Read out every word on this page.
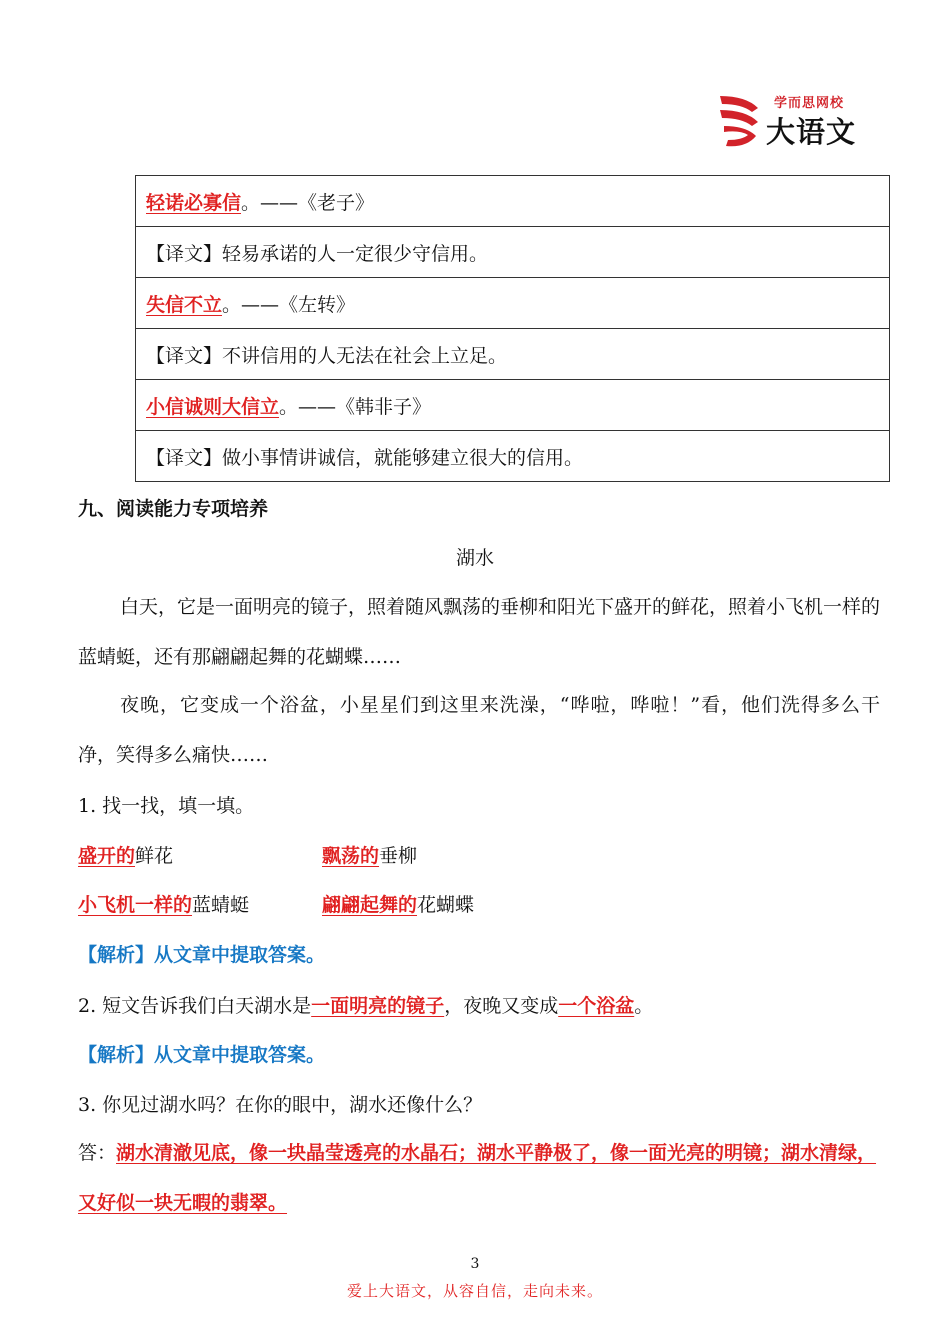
学而思网校
大语文
轻诺必寡信。——《老子》
【译文】轻易承诺的人一定很少守信用。
失信不立。——《左转》
【译文】不讲信用的人无法在社会上立足。
小信诚则大信立。——《韩非子》
【译文】做小事情讲诚信，就能够建立很大的信用。
九、阅读能力专项培养
湖水
白天，它是一面明亮的镜子，照着随风飘荡的垂柳和阳光下盛开的鲜花，照着小飞机一样的蓝蜻蜓，还有那翩翩起舞的花蝴蝶……
夜晚，它变成一个浴盆，小星星们到这里来洗澡，“哗啦，哗啦！”看，他们洗得多么干净，笑得多么痛快……
1. 找一找，填一填。
盛开的鲜花	飘荡的垂柳
小飞机一样的蓝蜻蜓	翩翩起舞的花蝴蝶
【解析】从文章中提取答案。
2. 短文告诉我们白天湖水是一面明亮的镜子，夜晚又变成一个浴盆。
【解析】从文章中提取答案。
3. 你见过湖水吗？在你的眼中，湖水还像什么？
答：湖水清澈见底，像一块晶莹透亮的水晶石；湖水平静极了，像一面光亮的明镜；湖水清绿，又好似一块无暇的翡翠。
3
爱上大语文，从容自信，走向未来。
